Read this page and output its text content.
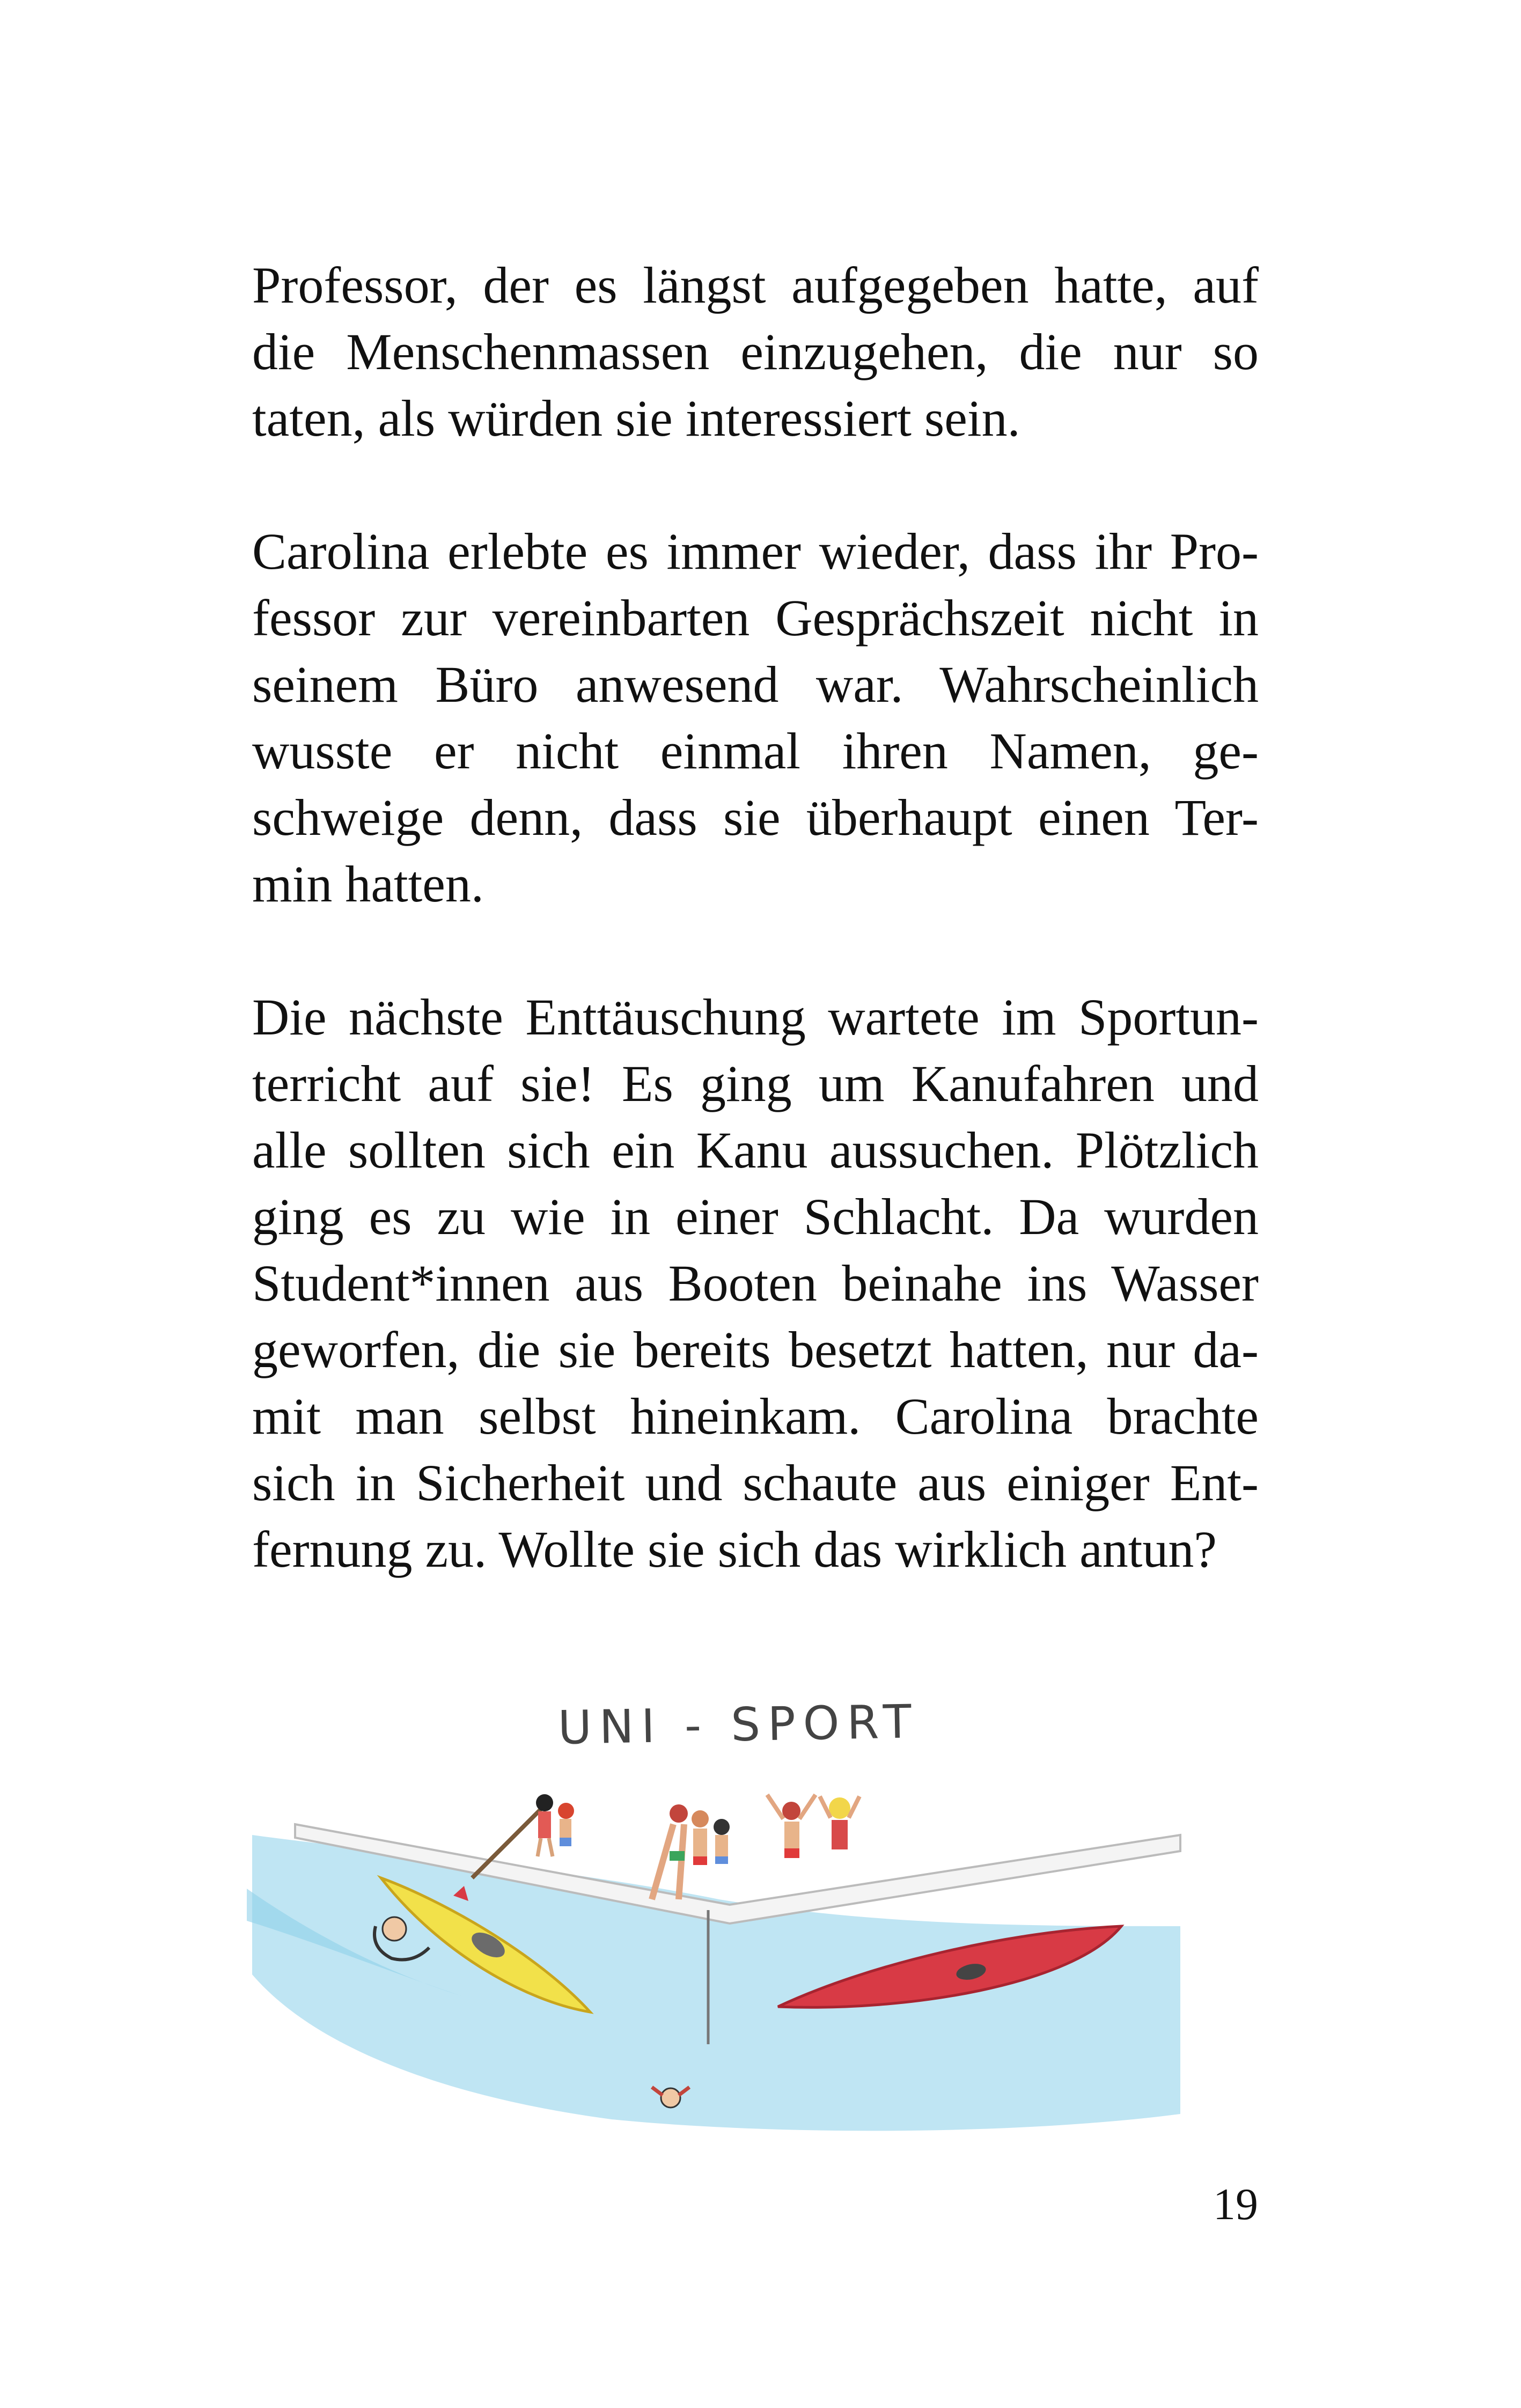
Professor, der es längst aufgegeben hatte, auf
die Menschenmassen einzugehen, die nur so
taten, als würden sie interessiert sein.

Carolina erlebte es immer wieder, dass ihr Pro-
fessor zur vereinbarten Gesprächszeit nicht in
seinem Büro anwesend war. Wahrscheinlich
wusste er nicht einmal ihren Namen, ge-
schweige denn, dass sie überhaupt einen Ter-
min hatten.

Die nächste Enttäuschung wartete im Sportun-
terricht auf sie! Es ging um Kanufahren und
alle sollten sich ein Kanu aussuchen. Plötzlich
ging es zu wie in einer Schlacht. Da wurden
Student*innen aus Booten beinahe ins Wasser
geworfen, die sie bereits besetzt hatten, nur da-
mit man selbst hineinkam. Carolina brachte
sich in Sicherheit und schaute aus einiger Ent-
fernung zu. Wollte sie sich das wirklich antun?

UNI - SPORT
19
